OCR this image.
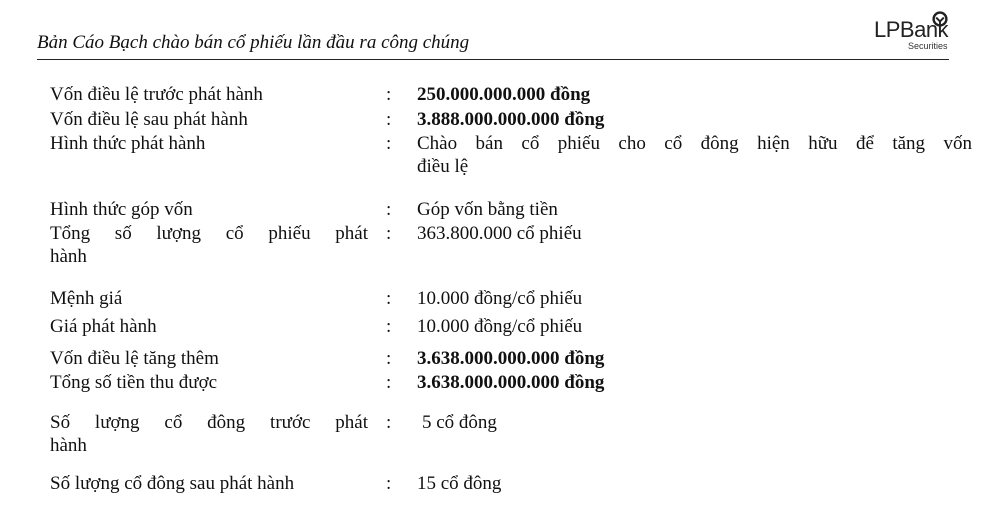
Bản Cáo Bạch chào bán cổ phiếu lần đầu ra công chúng
LPBank
Securities
Vốn điều lệ trước phát hành	: 250.000.000.000 đồng
Vốn điều lệ sau phát hành	: 3.888.000.000.000 đồng
Hình thức phát hành	: Chào bán cổ phiếu cho cổ đông hiện hữu để tăng vốn
điều lệ
Hình thức góp vốn	: Góp vốn bằng tiền
Tổng số lượng cổ phiếu phát
hành
: 363.800.000 cổ phiếu
Mệnh giá	: 10.000 đồng/cổ phiếu
Giá phát hành	: 10.000 đồng/cổ phiếu
Vốn điều lệ tăng thêm	: 3.638.000.000.000 đồng
Tổng số tiền thu được	: 3.638.000.000.000 đồng
Số lượng cổ đông trước phát
hành
: 5 cổ đông
Số lượng cổ đông sau phát hành	: 15 cổ đông
